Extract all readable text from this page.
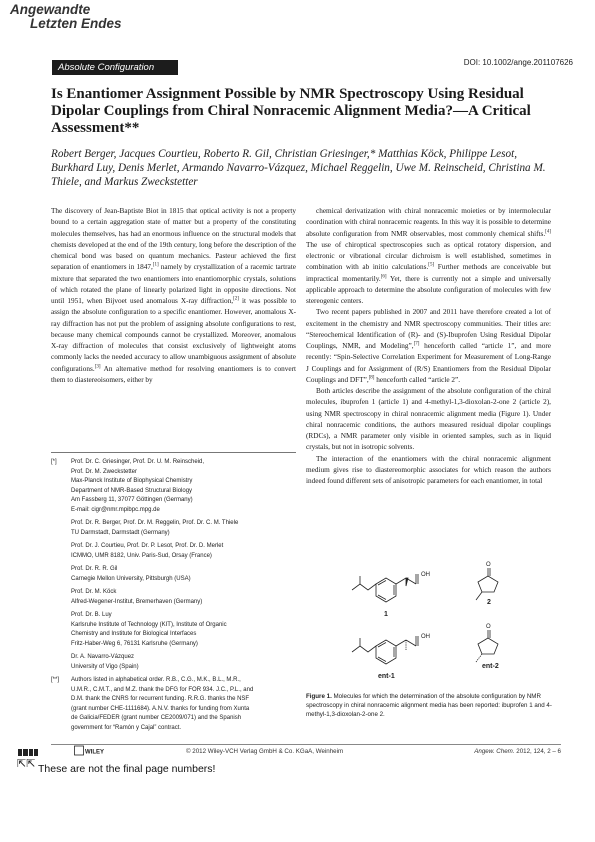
Angewandte
Letzten Endes
DOI: 10.1002/ange.201107626
Absolute Configuration
Is Enantiomer Assignment Possible by NMR Spectroscopy Using Residual Dipolar Couplings from Chiral Nonracemic Alignment Media?—A Critical Assessment**
Robert Berger, Jacques Courtieu, Roberto R. Gil, Christian Griesinger,* Matthias Köck, Philippe Lesot, Burkhard Luy, Denis Merlet, Armando Navarro-Vázquez, Michael Reggelin, Uwe M. Reinscheid, Christina M. Thiele, and Markus Zweckstetter

The discovery of Jean-Baptiste Biot in 1815 that optical activity is not a property bound to a certain aggregation state of matter but a property of the constituting molecules themselves, has had an enormous influence on the structural models that chemists developed at the end of the 19th century, long before the description of the chemical bond was based on quantum mechanics. Pasteur achieved the first separation of enantiomers in 1847,[1] namely by crystallization of a racemic tartrate mixture that separated the two enantiomers into enantiomorphic crystals, solutions of which rotated the plane of linearly polarized light in opposite directions. Not until 1951, when Bijvoet used anomalous X-ray diffraction,[2] it was possible to assign the absolute configuration to a specific enantiomer. However, anomalous X-ray diffraction has not put the problem of assigning absolute configurations to rest, because many chemical compounds cannot be crystallized. Moreover, anomalous X-ray diffraction of molecules that consist exclusively of lightweight atoms commonly lacks the needed accuracy to allow unambiguous assignment of absolute configurations.[3] An alternative method for resolving enantiomers is to convert them to diastereoisomers, either by

chemical derivatization with chiral nonracemic moieties or by intermolecular coordination with chiral nonracemic reagents. In this way it is possible to determine absolute configuration from NMR observables, most commonly chemical shifts.[4] The use of chiroptical spectroscopies such as optical rotatory dispersion, and electronic or vibrational circular dichroism is well established, sometimes in combination with ab initio calculations.[5] Further methods are conceivable but impractical momentarily.[6] Yet, there is currently not a simple and universally applicable approach to determine the absolute configuration of molecules with few stereogenic centers.

Two recent papers published in 2007 and 2011 have therefore created a lot of excitement in the chemistry and NMR spectroscopy communities. Their titles are: “Stereochemical Identification of (R)- and (S)-Ibuprofen Using Residual Dipolar Couplings, NMR, and Modeling”,[7] henceforth called “article 1”, and more recently: “Spin-Selective Correlation Experiment for Measurement of Long-Range J Couplings and for Assignment of (R/S) Enantiomers from the Residual Dipolar Couplings and DFT”,[8] henceforth called “article 2”.

Both articles describe the assignment of the absolute configuration of the chiral molecules, ibuprofen 1 (article 1) and 4-methyl-1,3-dioxolan-2-one 2 (article 2), using NMR spectroscopy in chiral nonracemic alignment media (Figure 1). Under chiral nonracemic conditions, the authors measured residual dipolar couplings (RDCs), a NMR parameter only visible in oriented samples, such as in liquid crystals, but not in isotropic solvents.

The interaction of the enantiomers with the chiral nonracemic alignment medium gives rise to diastereomorphic associates for which reason the authors indeed found different sets of anisotropic parameters for each enantiomer, in total

[*]	Prof. Dr. C. Griesinger, Prof. Dr. U. M. Reinscheid,
Prof. Dr. M. Zweckstetter
Max-Planck Institute of Biophysical Chemistry
Department of NMR-Based Structural Biology
Am Fassberg 11, 37077 Göttingen (Germany)
E-mail: cigr@nmr.mpibpc.mpg.de
Prof. Dr. R. Berger, Prof. Dr. M. Reggelin, Prof. Dr. C. M. Thiele
TU Darmstadt, Darmstadt (Germany)
Prof. Dr. J. Courtieu, Prof. Dr. P. Lesot, Prof. Dr. D. Merlet
ICMMO, UMR 8182, Univ. Paris-Sud, Orsay (France)
Prof. Dr. R. R. Gil
Carnegie Mellon University, Pittsburgh (USA)
Prof. Dr. M. Köck
Alfred-Wegener-Institut, Bremerhaven (Germany)
Prof. Dr. B. Luy
Karlsruhe Institute of Technology (KIT), Institute of Organic
Chemistry and Institute for Biological Interfaces
Fritz-Haber-Weg 6, 76131 Karlsruhe (Germany)
Dr. A. Navarro-Vázquez
University of Vigo (Spain)
[**]	Authors listed in alphabetical order. R.B., C.G., M.K., B.L., M.R.,
U.M.R., C.M.T., and M.Z. thank the DFG for FOR 934. J.C., P.L., and
D.M. thank the CNRS for recurrent funding. R.R.G. thanks the NSF
(grant number CHE-1111684). A.N.V. thanks for funding from Xunta
de Galicia/FEDER (grant number CE2009/071) and the Spanish
government for “Ramón y Cajal” contract.
OH
OH
O
O
1
2
ent-1
ent-2
Figure 1. Molecules for which the determination of the absolute configuration by NMR spectroscopy in chiral nonracemic alignment media has been reported: ibuprofen 1 and 4-methyl-1,3-dioxolan-2-one 2.
WILEY	© 2012 Wiley-VCH Verlag GmbH & Co. KGaA, Weinheim	Angew. Chem. 2012, 124, 2 – 6
⇱⇱ These are not the final page numbers!
